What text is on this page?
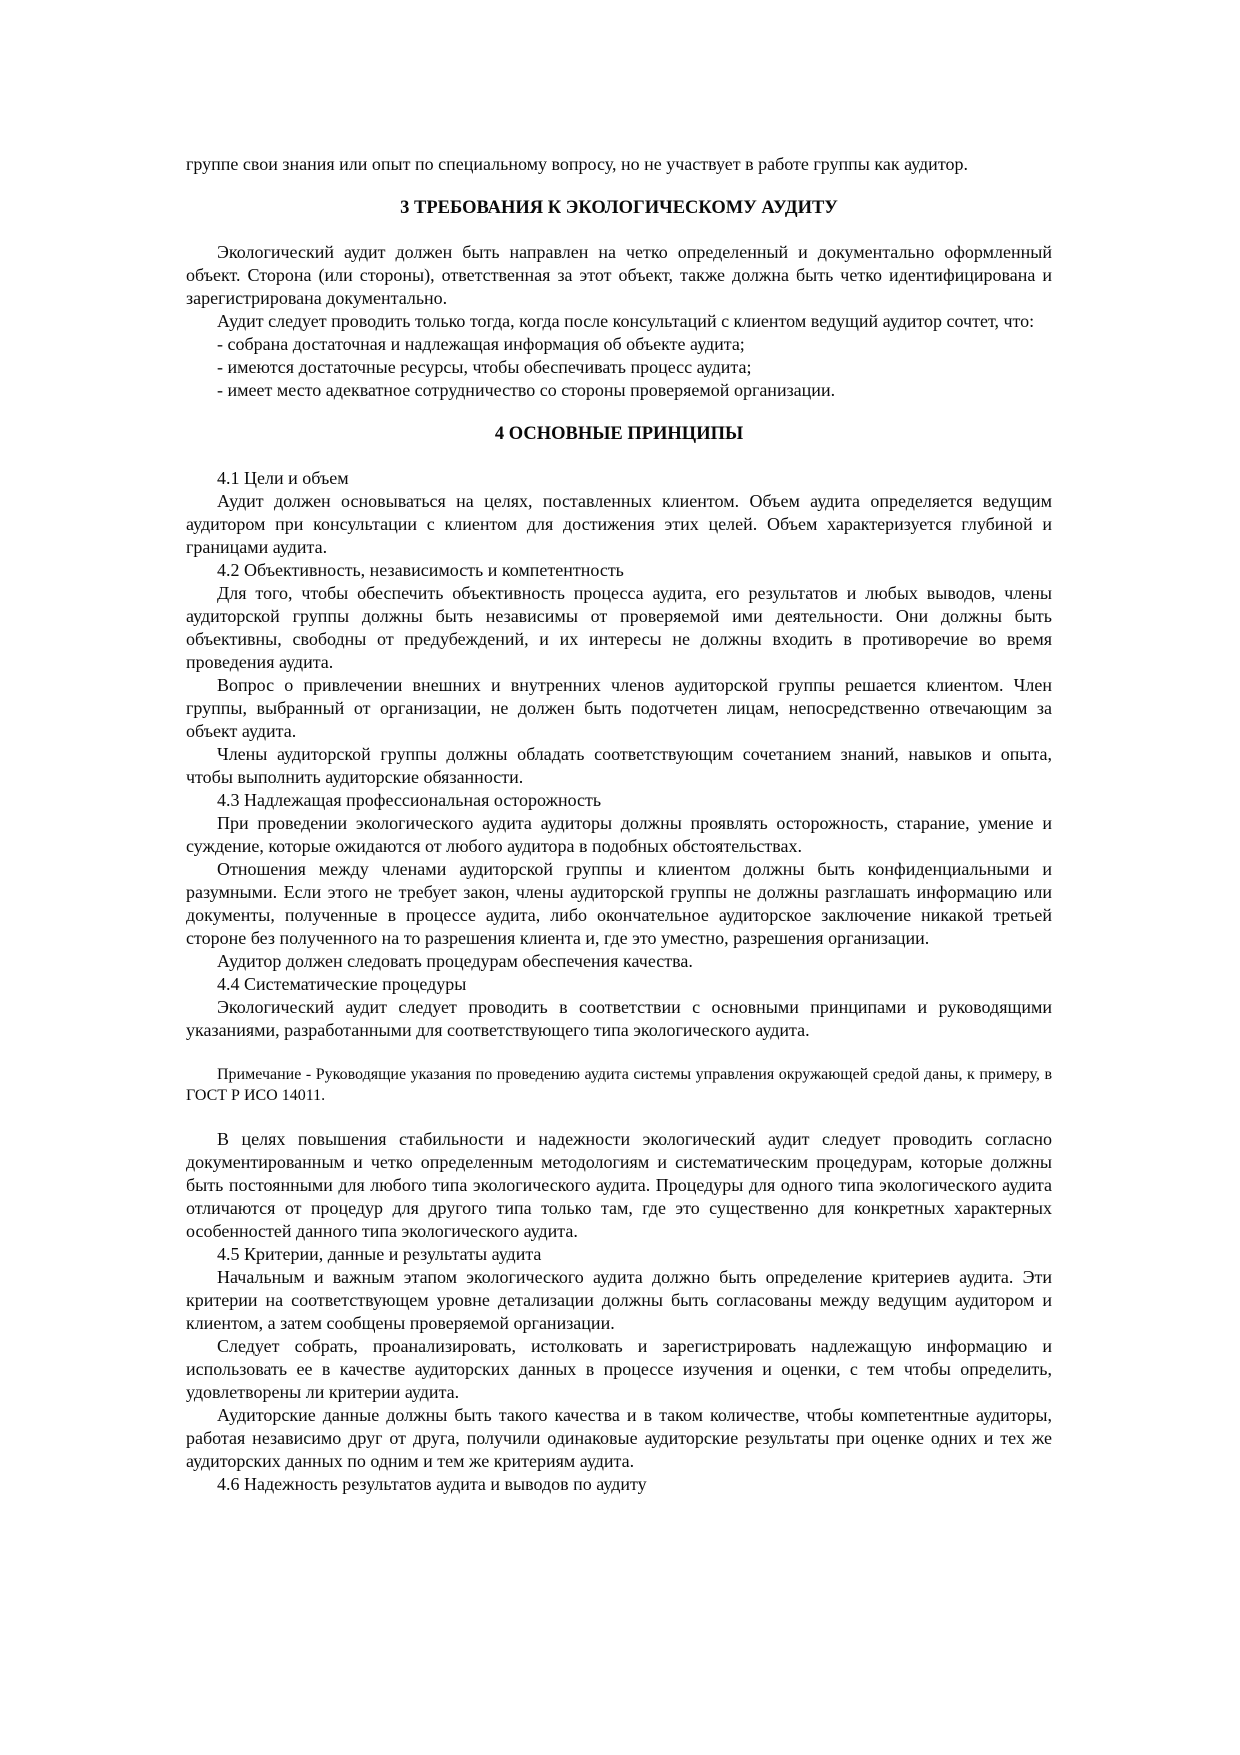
группе свои знания или опыт по специальному вопросу, но не участвует в работе группы как аудитор.

3 ТРЕБОВАНИЯ К ЭКОЛОГИЧЕСКОМУ АУДИТУ

Экологический аудит должен быть направлен на четко определенный и документально оформленный объект. Сторона (или стороны), ответственная за этот объект, также должна быть четко идентифицирована и зарегистрирована документально.

Аудит следует проводить только тогда, когда после консультаций с клиентом ведущий аудитор сочтет, что:

- собрана достаточная и надлежащая информация об объекте аудита;

- имеются достаточные ресурсы, чтобы обеспечивать процесс аудита;

- имеет место адекватное сотрудничество со стороны проверяемой организации.

4 ОСНОВНЫЕ ПРИНЦИПЫ

4.1 Цели и объем

Аудит должен основываться на целях, поставленных клиентом. Объем аудита определяется ведущим аудитором при консультации с клиентом для достижения этих целей. Объем характеризуется глубиной и границами аудита.

4.2 Объективность, независимость и компетентность

Для того, чтобы обеспечить объективность процесса аудита, его результатов и любых выводов, члены аудиторской группы должны быть независимы от проверяемой ими деятельности. Они должны быть объективны, свободны от предубеждений, и их интересы не должны входить в противоречие во время проведения аудита.

Вопрос о привлечении внешних и внутренних членов аудиторской группы решается клиентом. Член группы, выбранный от организации, не должен быть подотчетен лицам, непосредственно отвечающим за объект аудита.

Члены аудиторской группы должны обладать соответствующим сочетанием знаний, навыков и опыта, чтобы выполнить аудиторские обязанности.

4.3 Надлежащая профессиональная осторожность

При проведении экологического аудита аудиторы должны проявлять осторожность, старание, умение и суждение, которые ожидаются от любого аудитора в подобных обстоятельствах.

Отношения между членами аудиторской группы и клиентом должны быть конфиденциальными и разумными. Если этого не требует закон, члены аудиторской группы не должны разглашать информацию или документы, полученные в процессе аудита, либо окончательное аудиторское заключение никакой третьей стороне без полученного на то разрешения клиента и, где это уместно, разрешения организации.

Аудитор должен следовать процедурам обеспечения качества.

4.4 Систематические процедуры

Экологический аудит следует проводить в соответствии с основными принципами и руководящими указаниями, разработанными для соответствующего типа экологического аудита.

Примечание - Руководящие указания по проведению аудита системы управления окружающей средой даны, к примеру, в ГОСТ Р ИСО 14011.

В целях повышения стабильности и надежности экологический аудит следует проводить согласно документированным и четко определенным методологиям и систематическим процедурам, которые должны быть постоянными для любого типа экологического аудита. Процедуры для одного типа экологического аудита отличаются от процедур для другого типа только там, где это существенно для конкретных характерных особенностей данного типа экологического аудита.

4.5 Критерии, данные и результаты аудита

Начальным и важным этапом экологического аудита должно быть определение критериев аудита. Эти критерии на соответствующем уровне детализации должны быть согласованы между ведущим аудитором и клиентом, а затем сообщены проверяемой организации.

Следует собрать, проанализировать, истолковать и зарегистрировать надлежащую информацию и использовать ее в качестве аудиторских данных в процессе изучения и оценки, с тем чтобы определить, удовлетворены ли критерии аудита.

Аудиторские данные должны быть такого качества и в таком количестве, чтобы компетентные аудиторы, работая независимо друг от друга, получили одинаковые аудиторские результаты при оценке одних и тех же аудиторских данных по одним и тем же критериям аудита.

4.6 Надежность результатов аудита и выводов по аудиту
